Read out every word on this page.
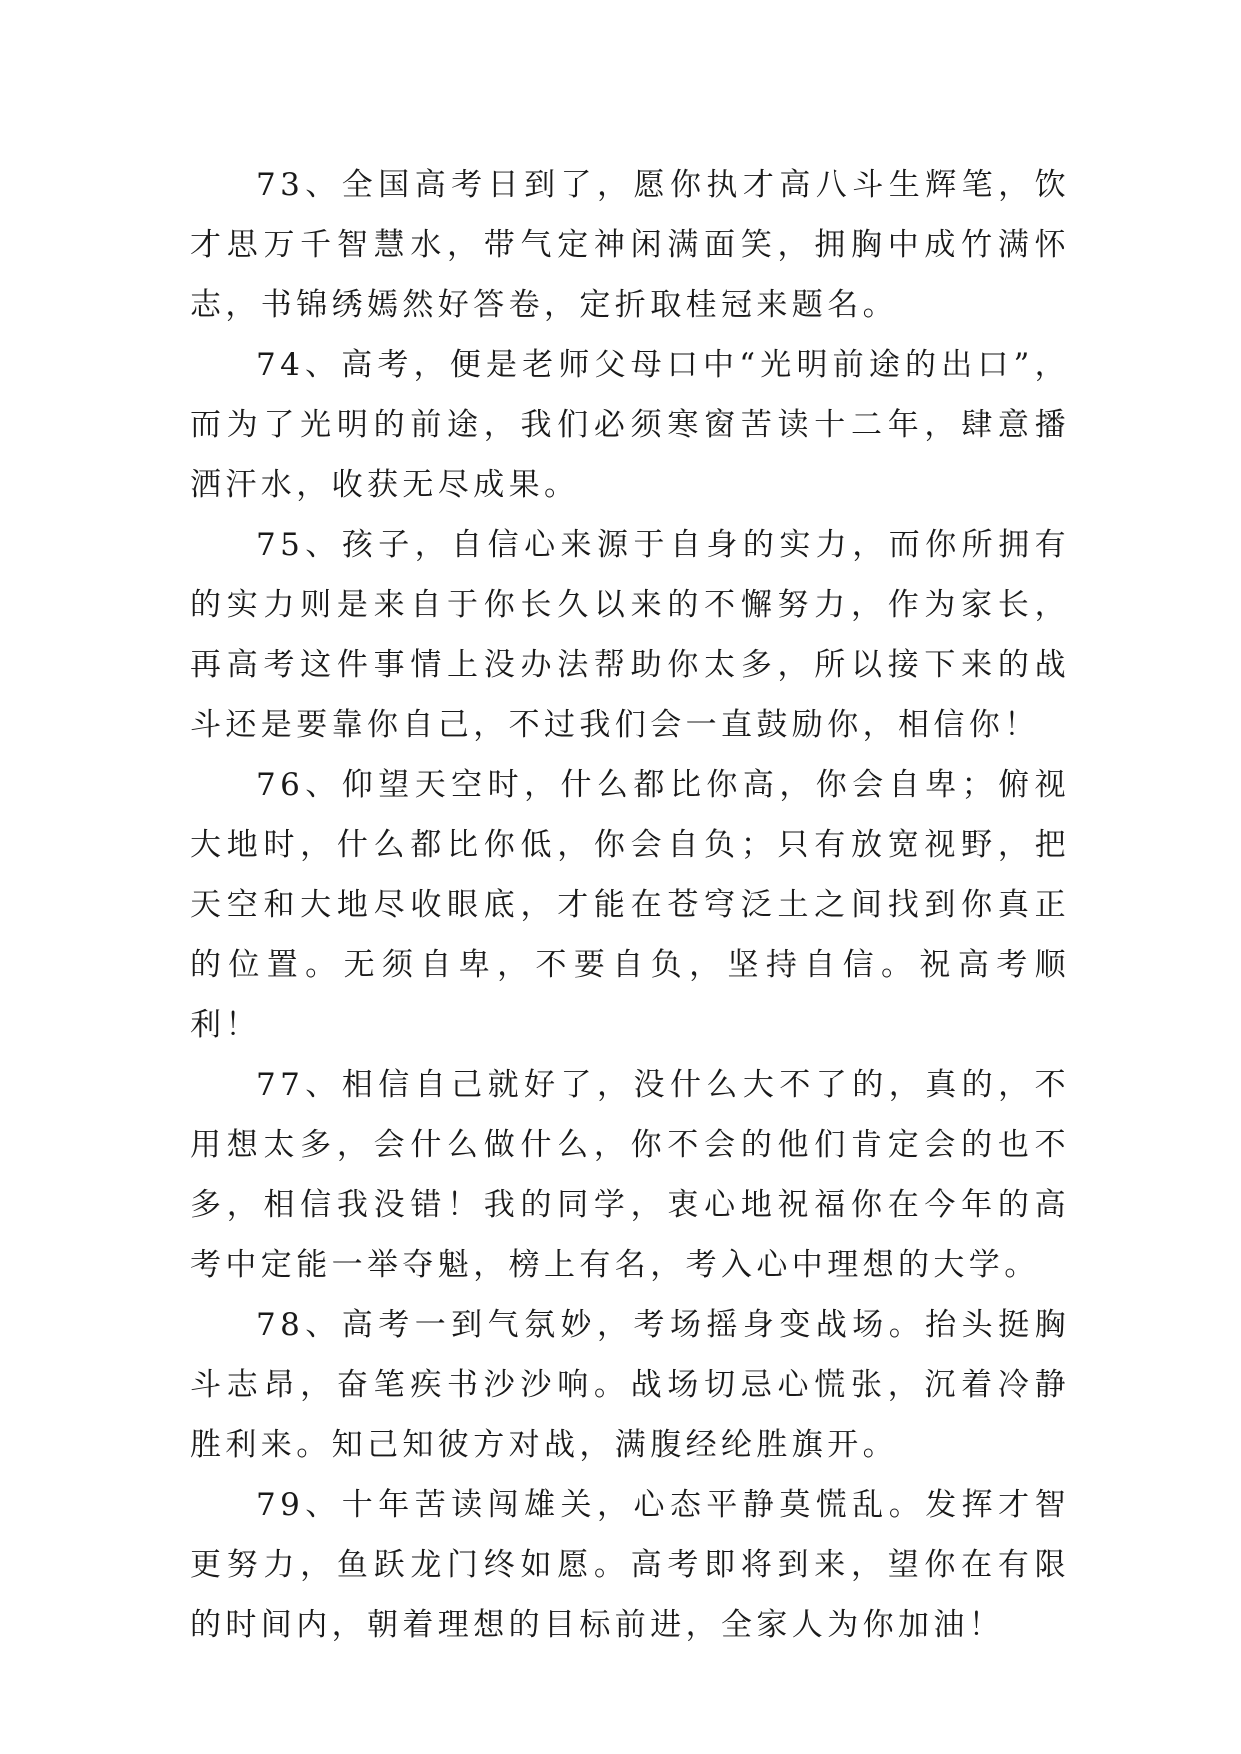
73、全国高考日到了，愿你执才高八斗生辉笔，饮才思万千智慧水，带气定神闲满面笑，拥胸中成竹满怀志，书锦绣嫣然好答卷，定折取桂冠来题名。

74、高考，便是老师父母口中“光明前途的出口”，而为了光明的前途，我们必须寒窗苦读十二年，肆意播洒汗水，收获无尽成果。

75、孩子，自信心来源于自身的实力，而你所拥有的实力则是来自于你长久以来的不懈努力，作为家长，再高考这件事情上没办法帮助你太多，所以接下来的战斗还是要靠你自己，不过我们会一直鼓励你，相信你！

76、仰望天空时，什么都比你高，你会自卑；俯视大地时，什么都比你低，你会自负；只有放宽视野，把天空和大地尽收眼底，才能在苍穹泛土之间找到你真正的位置。无须自卑，不要自负，坚持自信。祝高考顺利！

77、相信自己就好了，没什么大不了的，真的，不用想太多，会什么做什么，你不会的他们肯定会的也不多，相信我没错！我的同学，衷心地祝福你在今年的高考中定能一举夺魁，榜上有名，考入心中理想的大学。

78、高考一到气氛妙，考场摇身变战场。抬头挺胸斗志昂，奋笔疾书沙沙响。战场切忌心慌张，沉着冷静胜利来。知己知彼方对战，满腹经纶胜旗开。

79、十年苦读闯雄关，心态平静莫慌乱。发挥才智更努力，鱼跃龙门终如愿。高考即将到来，望你在有限的时间内，朝着理想的目标前进，全家人为你加油！
